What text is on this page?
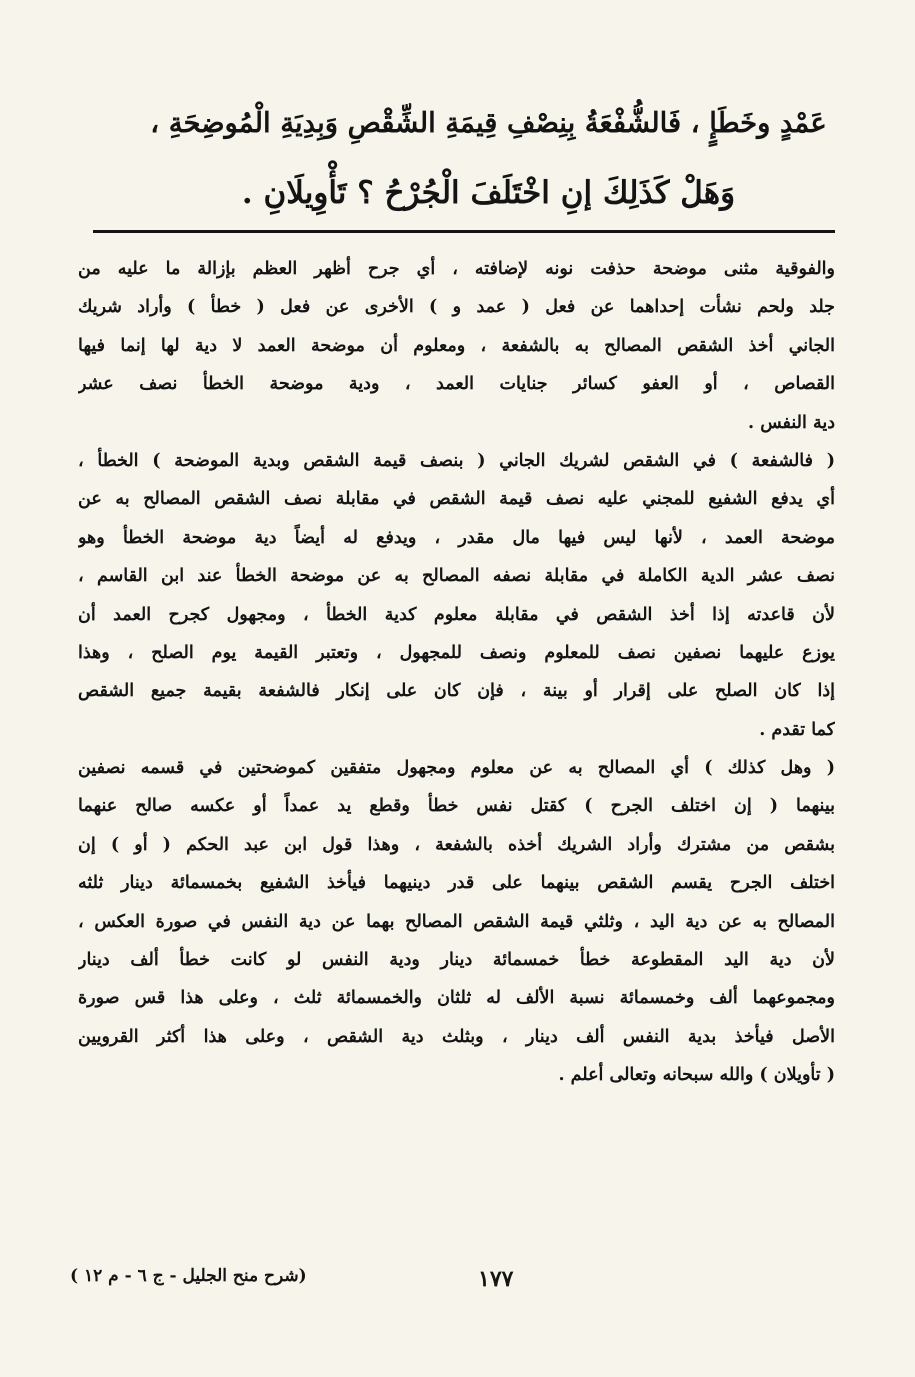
عَمْدٍ وخَطَإٍ ، فَالشُّفْعَةُ بِنِصْفِ قِيمَةِ الشِّقْصِ وَبِدِيَةِ الْمُوضِحَةِ ،

وَهَلْ كَذَلِكَ إنِ اخْتَلَفَ الْجُرْحُ ؟ تَأْوِيلَانِ .

والفوقية مثنى موضحة حذفت نونه لإضافته ، أي جرح أظهر العظم بإزالة ما عليه من
جلد ولحم نشأت إحداهما عن فعل ( عمد و ) الأخرى عن فعل ( خطأ ) وأراد شريك
الجاني أخذ الشقص المصالح به بالشفعة ، ومعلوم أن موضحة العمد لا دية لها إنما فيها
القصاص ، أو العفو كسائر جنايات العمد ، ودية موضحة الخطأ نصف عشر
دية النفس .
( فالشفعة ) في الشقص لشريك الجاني ( بنصف قيمة الشقص وبدية الموضحة ) الخطأ ،
أي يدفع الشفيع للمجني عليه نصف قيمة الشقص في مقابلة نصف الشقص المصالح به عن
موضحة العمد ، لأنها ليس فيها مال مقدر ، ويدفع له أيضاً دية موضحة الخطأ وهو
نصف عشر الدية الكاملة في مقابلة نصفه المصالح به عن موضحة الخطأ عند ابن القاسم ،
لأن قاعدته إذا أخذ الشقص في مقابلة معلوم كدية الخطأ ، ومجهول كجرح العمد أن
يوزع عليهما نصفين نصف للمعلوم ونصف للمجهول ، وتعتبر القيمة يوم الصلح ، وهذا
إذا كان الصلح على إقرار أو بينة ، فإن كان على إنكار فالشفعة بقيمة جميع الشقص
كما تقدم .
( وهل كذلك ) أي المصالح به عن معلوم ومجهول متفقين كموضحتين في قسمه نصفين
بينهما ( إن اختلف الجرح ) كقتل نفس خطأ وقطع يد عمداً أو عكسه صالح عنهما
بشقص من مشترك وأراد الشريك أخذه بالشفعة ، وهذا قول ابن عبد الحكم ( أو ) إن
اختلف الجرح يقسم الشقص بينهما على قدر دينيهما فيأخذ الشفيع بخمسمائة دينار ثلثه
المصالح به عن دية اليد ، وثلثي قيمة الشقص المصالح بهما عن دية النفس في صورة العكس ،
لأن دية اليد المقطوعة خطأ خمسمائة دينار ودية النفس لو كانت خطأ ألف دينار
ومجموعهما ألف وخمسمائة نسبة الألف له ثلثان والخمسمائة ثلث ، وعلى هذا قس صورة
الأصل فيأخذ بدية النفس ألف دينار ، وبثلث دية الشقص ، وعلى هذا أكثر القرويين
( تأويلان ) والله سبحانه وتعالى أعلم .
١٧٧
(شرح منح الجليل - ج ٦ - م ١٢ )
